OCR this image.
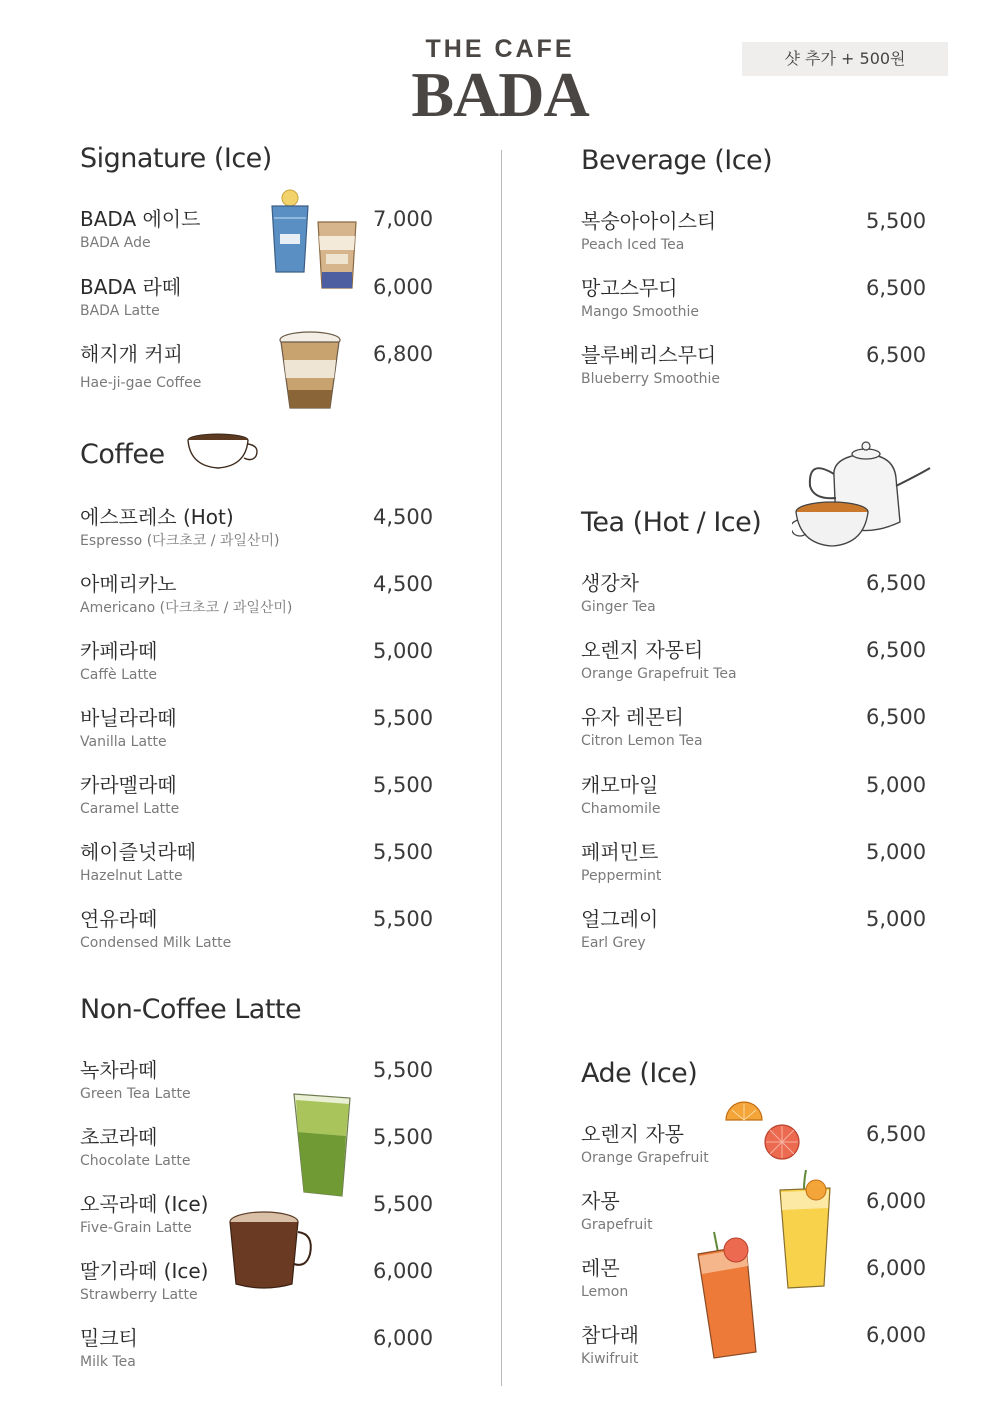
THE CAFE
BADA
샷 추가 + 500원
Signature (Ice)
BADA 에이드
BADA Ade
7,000
BADA 라떼
BADA Latte
6,000
해지개 커피
Hae-ji-gae Coffee
6,800
Coffee
에스프레소 (Hot)
Espresso (다크초코 / 과일산미)
4,500
아메리카노
Americano (다크초코 / 과일산미)
4,500
카페라떼
Caffè Latte
5,000
바닐라라떼
Vanilla Latte
5,500
카라멜라떼
Caramel Latte
5,500
헤이즐넛라떼
Hazelnut Latte
5,500
연유라떼
Condensed Milk Latte
5,500
Non-Coffee Latte
녹차라떼
Green Tea Latte
5,500
초코라떼
Chocolate Latte
5,500
오곡라떼 (Ice)
Five-Grain Latte
5,500
딸기라떼 (Ice)
Strawberry Latte
6,000
밀크티
Milk Tea
6,000
Beverage (Ice)
복숭아아이스티
Peach Iced Tea
5,500
망고스무디
Mango Smoothie
6,500
블루베리스무디
Blueberry Smoothie
6,500
Tea (Hot / Ice)
생강차
Ginger Tea
6,500
오렌지 자몽티
Orange Grapefruit Tea
6,500
유자 레몬티
Citron Lemon Tea
6,500
캐모마일
Chamomile
5,000
페퍼민트
Peppermint
5,000
얼그레이
Earl Grey
5,000
Ade (Ice)
오렌지 자몽
Orange Grapefruit
6,500
자몽
Grapefruit
6,000
레몬
Lemon
6,000
참다래
Kiwifruit
6,000
